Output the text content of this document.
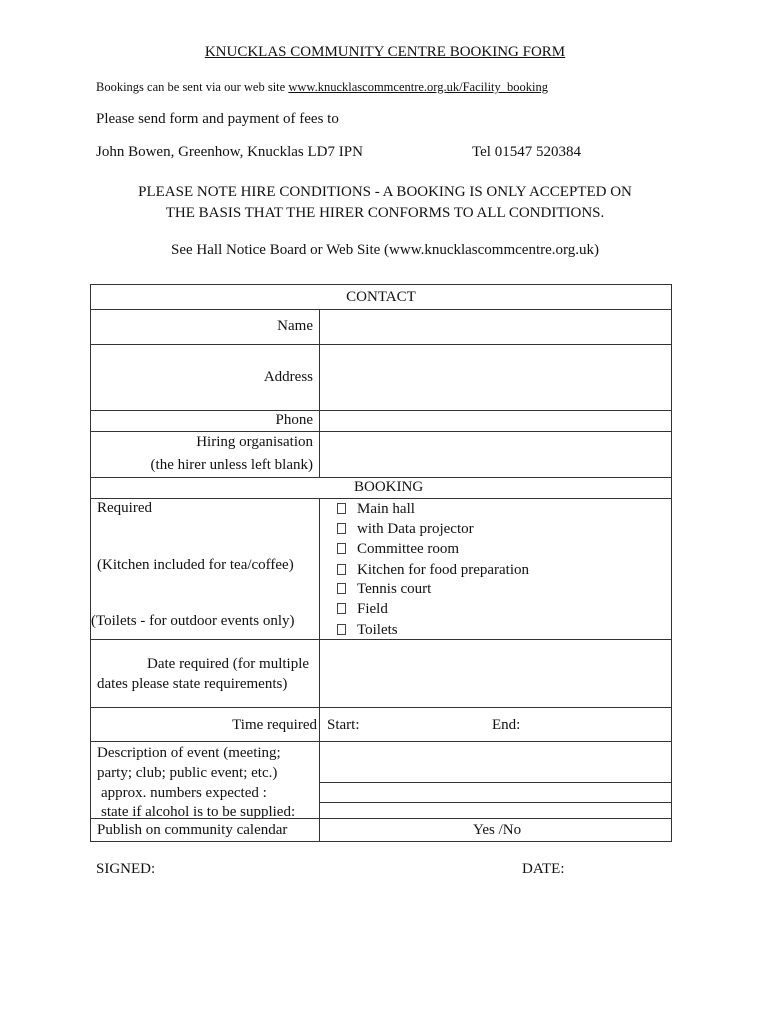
KNUCKLAS COMMUNITY CENTRE BOOKING FORM
Bookings can be sent via our web site www.knucklascommcentre.org.uk/Facility_booking
Please send form and payment of fees to
John Bowen, Greenhow, Knucklas LD7 IPN	Tel 01547 520384
PLEASE NOTE HIRE CONDITIONS - A BOOKING IS ONLY ACCEPTED ON
THE BASIS THAT THE HIRER CONFORMS TO ALL CONDITIONS.
See Hall Notice Board or Web Site (www.knucklascommcentre.org.uk)
CONTACT
Name
Address
Phone
Hiring organisation
(the hirer unless left blank)
BOOKING
Required
(Kitchen included for tea/coffee)
(Toilets - for outdoor events only)
Main hall
with Data projector
Committee room
Kitchen for food preparation
Tennis court
Field
Toilets
Date required (for multiple
dates please state requirements)
Time required Start:	End:
Description of event (meeting;
party; club; public event; etc.)
approx. numbers expected :
state if alcohol is to be supplied:
Publish on community calendar	Yes /No
SIGNED:	DATE:
